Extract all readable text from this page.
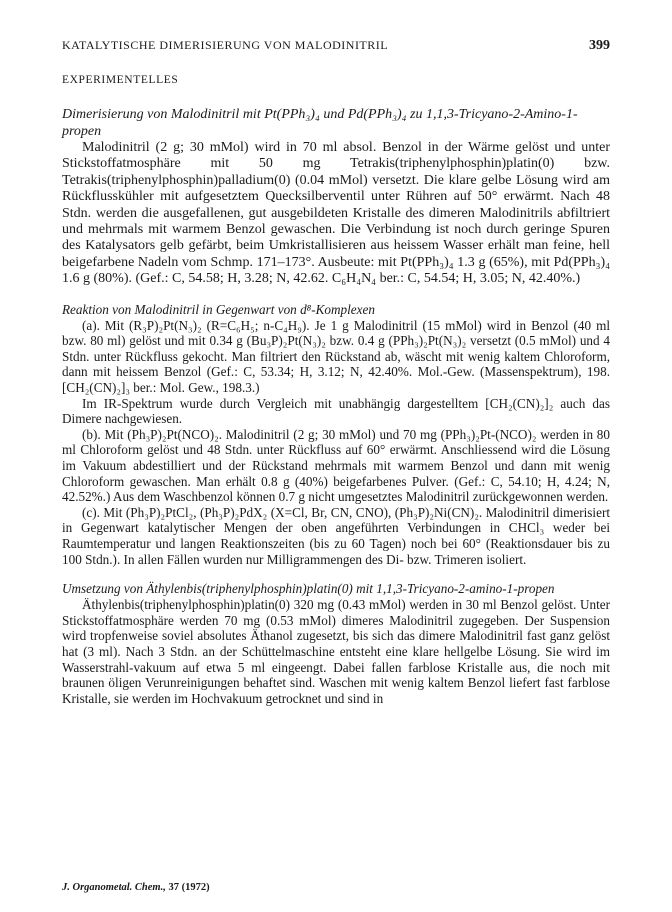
KATALYTISCHE DIMERISIERUNG VON MALODINITRIL	399
EXPERIMENTELLES
Dimerisierung von Malodinitril mit Pt(PPh₃)₄ und Pd(PPh₃)₄ zu 1,1,3-Tricyano-2-Amino-1-propen

Malodinitril (2 g; 30 mMol) wird in 70 ml absol. Benzol in der Wärme gelöst und unter Stickstoffatmosphäre mit 50 mg Tetrakis(triphenylphosphin)platin(0) bzw. Tetrakis(triphenylphosphin)palladium(0) (0.04 mMol) versetzt. Die klare gelbe Lösung wird am Rückflusskühler mit aufgesetztem Quecksilberventil unter Rühren auf 50° erwärmt. Nach 48 Stdn. werden die ausgefallenen, gut ausgebildeten Kristalle des dimeren Malodinitrils abfiltriert und mehrmals mit warmem Benzol gewaschen. Die Verbindung ist noch durch geringe Spuren des Katalysators gelb gefärbt, beim Umkristallisieren aus heissem Wasser erhält man feine, hell beigefarbene Nadeln vom Schmp. 171–173°. Ausbeute: mit Pt(PPh₃)₄ 1.3 g (65%), mit Pd(PPh₃)₄ 1.6 g (80%). (Gef.: C, 54.58; H, 3.28; N, 42.62. C₆H₄N₄ ber.: C, 54.54; H, 3.05; N, 42.40%.)

Reaktion von Malodinitril in Gegenwart von d⁸-Komplexen

(a). Mit (R₃P)₂Pt(N₃)₂ (R=C₆H₅; n-C₄H₉). Je 1 g Malodinitril (15 mMol) wird in Benzol (40 ml bzw. 80 ml) gelöst und mit 0.34 g (Bu₃P)₂Pt(N₃)₂ bzw. 0.4 g (PPh₃)₂Pt(N₃)₂ versetzt (0.5 mMol) und 4 Stdn. unter Rückfluss gekocht. Man filtriert den Rückstand ab, wäscht mit wenig kaltem Chloroform, dann mit heissem Benzol (Gef.: C, 53.34; H, 3.12; N, 42.40%. Mol.-Gew. (Massenspektrum), 198. [CH₂(CN)₂]₃ ber.: Mol. Gew., 198.3.)

Im IR-Spektrum wurde durch Vergleich mit unabhängig dargestelltem [CH₂(CN)₂]₂ auch das Dimere nachgewiesen.

(b). Mit (Ph₃P)₂Pt(NCO)₂. Malodinitril (2 g; 30 mMol) und 70 mg (PPh₃)₂Pt-(NCO)₂ werden in 80 ml Chloroform gelöst und 48 Stdn. unter Rückfluss auf 60° erwärmt. Anschliessend wird die Lösung im Vakuum abdestilliert und der Rückstand mehrmals mit warmem Benzol und dann mit wenig Chloroform gewaschen. Man erhält 0.8 g (40%) beigefarbenes Pulver. (Gef.: C, 54.10; H, 4.24; N, 42.52%.) Aus dem Waschbenzol können 0.7 g nicht umgesetztes Malodinitril zurückgewonnen werden.

(c). Mit (Ph₃P)₂PtCl₂, (Ph₃P)₂PdX₂ (X=Cl, Br, CN, CNO), (Ph₃P)₂Ni(CN)₂. Malodinitril dimerisiert in Gegenwart katalytischer Mengen der oben angeführten Verbindungen in CHCl₃ weder bei Raumtemperatur und langen Reaktionszeiten (bis zu 60 Tagen) noch bei 60° (Reaktionsdauer bis zu 100 Stdn.). In allen Fällen wurden nur Milligrammengen des Di- bzw. Trimeren isoliert.

Umsetzung von Äthylenbis(triphenylphosphin)platin(0) mit 1,1,3-Tricyano-2-amino-1-propen

Äthylenbis(triphenylphosphin)platin(0) 320 mg (0.43 mMol) werden in 30 ml Benzol gelöst. Unter Stickstoffatmosphäre werden 70 mg (0.53 mMol) dimeres Malodinitril zugegeben. Der Suspension wird tropfenweise soviel absolutes Äthanol zugesetzt, bis sich das dimere Malodinitril fast ganz gelöst hat (3 ml). Nach 3 Stdn. an der Schüttelmaschine entsteht eine klare hellgelbe Lösung. Sie wird im Wasserstrahl-vakuum auf etwa 5 ml eingeengt. Dabei fallen farblose Kristalle aus, die noch mit braunen öligen Verunreinigungen behaftet sind. Waschen mit wenig kaltem Benzol liefert fast farblose Kristalle, sie werden im Hochvakuum getrocknet und sind in

J. Organometal. Chem., 37 (1972)
